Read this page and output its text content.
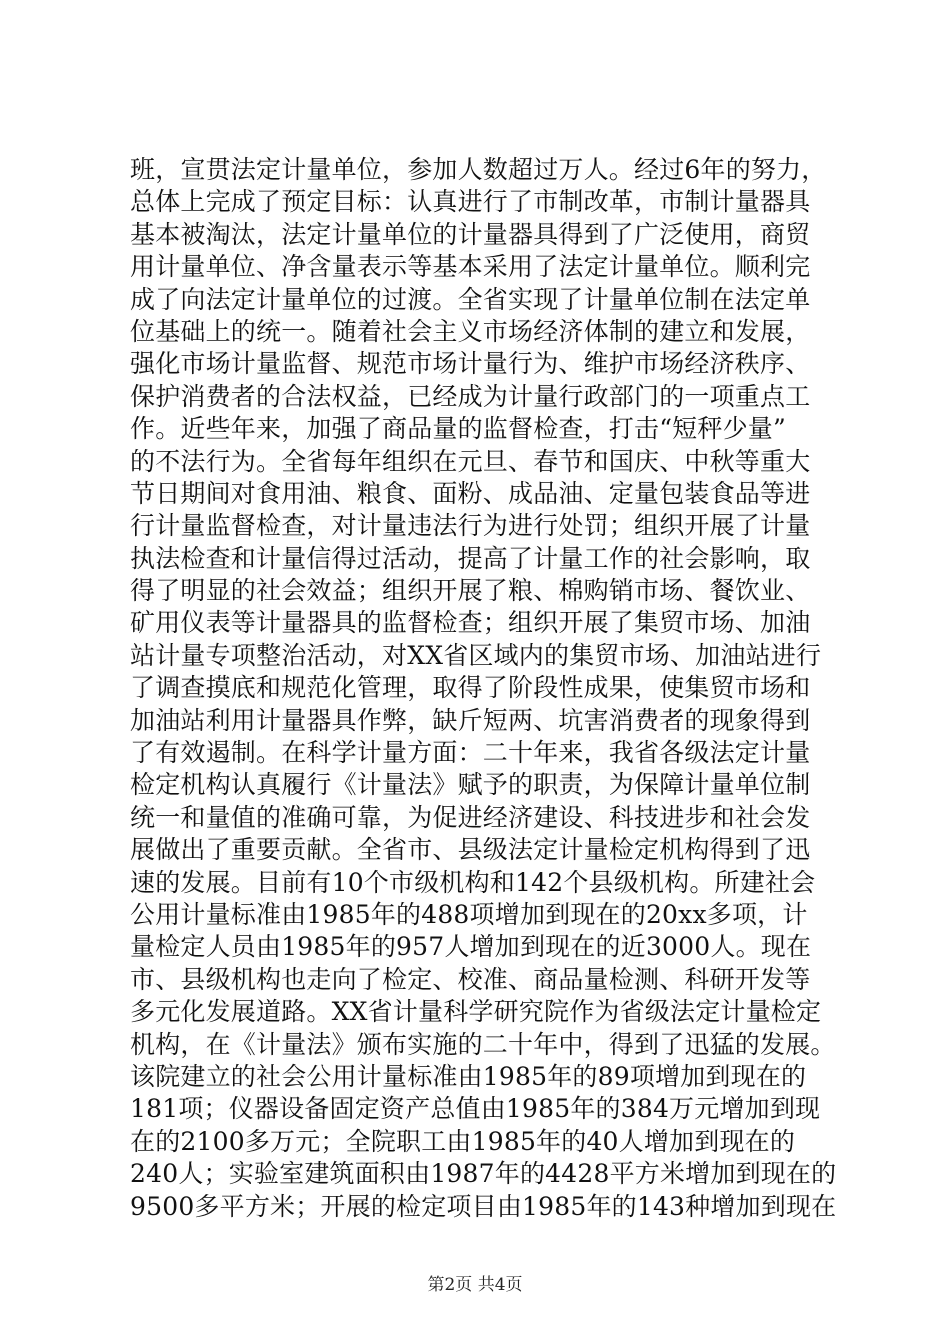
班，宣贯法定计量单位，参加人数超过万人。经过6年的努力，
总体上完成了预定目标：认真进行了市制改革，市制计量器具
基本被淘汰，法定计量单位的计量器具得到了广泛使用，商贸
用计量单位、净含量表示等基本采用了法定计量单位。顺利完
成了向法定计量单位的过渡。全省实现了计量单位制在法定单
位基础上的统一。随着社会主义市场经济体制的建立和发展，
强化市场计量监督、规范市场计量行为、维护市场经济秩序、
保护消费者的合法权益，已经成为计量行政部门的一项重点工
作。近些年来，加强了商品量的监督检查，打击“短秤少量”
的不法行为。全省每年组织在元旦、春节和国庆、中秋等重大
节日期间对食用油、粮食、面粉、成品油、定量包装食品等进
行计量监督检查，对计量违法行为进行处罚；组织开展了计量
执法检查和计量信得过活动，提高了计量工作的社会影响，取
得了明显的社会效益；组织开展了粮、棉购销市场、餐饮业、
矿用仪表等计量器具的监督检查；组织开展了集贸市场、加油
站计量专项整治活动，对XX省区域内的集贸市场、加油站进行
了调查摸底和规范化管理，取得了阶段性成果，使集贸市场和
加油站利用计量器具作弊，缺斤短两、坑害消费者的现象得到
了有效遏制。在科学计量方面：二十年来，我省各级法定计量
检定机构认真履行《计量法》赋予的职责，为保障计量单位制
统一和量值的准确可靠，为促进经济建设、科技进步和社会发
展做出了重要贡献。全省市、县级法定计量检定机构得到了迅
速的发展。目前有10个市级机构和142个县级机构。所建社会
公用计量标准由1985年的488项增加到现在的20xx多项，计
量检定人员由1985年的957人增加到现在的近3000人。现在
市、县级机构也走向了检定、校准、商品量检测、科研开发等
多元化发展道路。XX省计量科学研究院作为省级法定计量检定
机构，在《计量法》颁布实施的二十年中，得到了迅猛的发展。
该院建立的社会公用计量标准由1985年的89项增加到现在的
181项；仪器设备固定资产总值由1985年的384万元增加到现
在的2100多万元；全院职工由1985年的40人增加到现在的
240人；实验室建筑面积由1987年的4428平方米增加到现在的
9500多平方米；开展的检定项目由1985年的143种增加到现在
第2页 共4页
